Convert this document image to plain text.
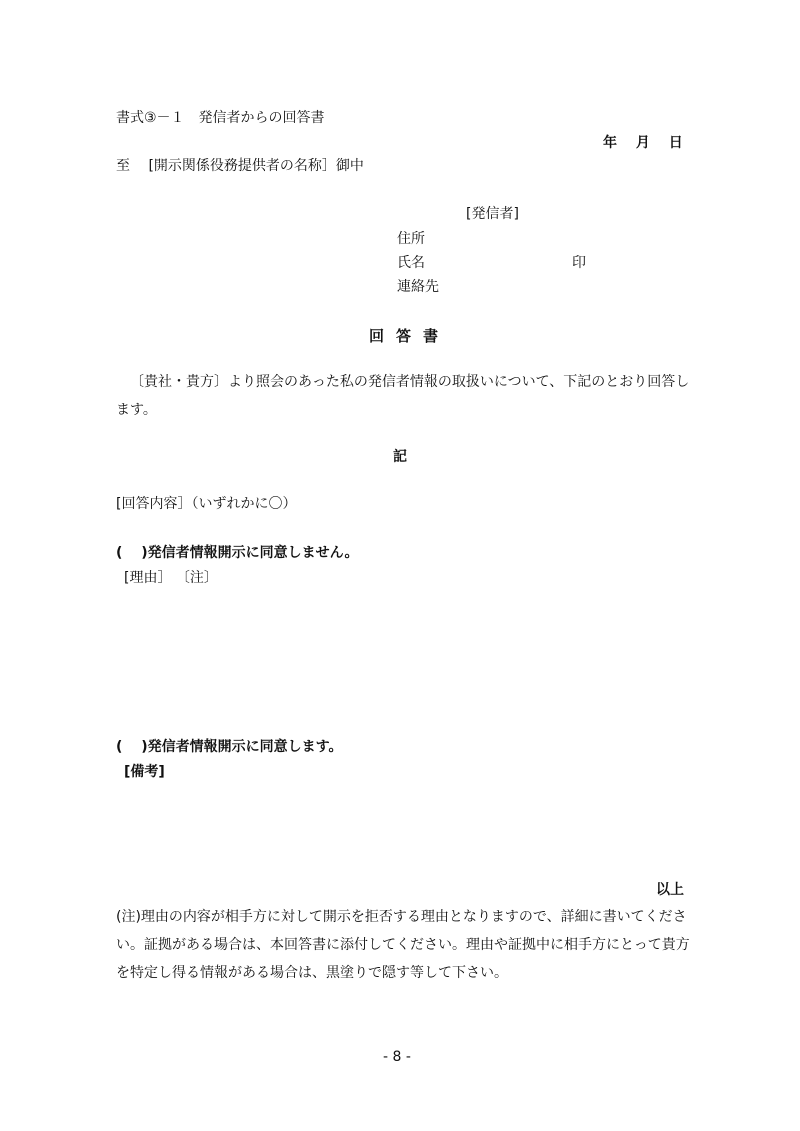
書式③－１　発信者からの回答書
年　 月　 日
至　 [開示関係役務提供者の名称］御中
[発信者]
住所
氏名	印
連絡先
回答書
〔貴社・貴方〕より照会のあった私の発信者情報の取扱いについて、下記のとおり回答します。
記
[回答内容］（いずれかに〇）
(　 )発信者情報開示に同意しません。
[理由］ 〔注〕
(　 )発信者情報開示に同意します。
[備考]
以上
(注)理由の内容が相手方に対して開示を拒否する理由となりますので、詳細に書いてください。証拠がある場合は、本回答書に添付してください。理由や証拠中に相手方にとって貴方を特定し得る情報がある場合は、黒塗りで隠す等して下さい。
- 8 -
